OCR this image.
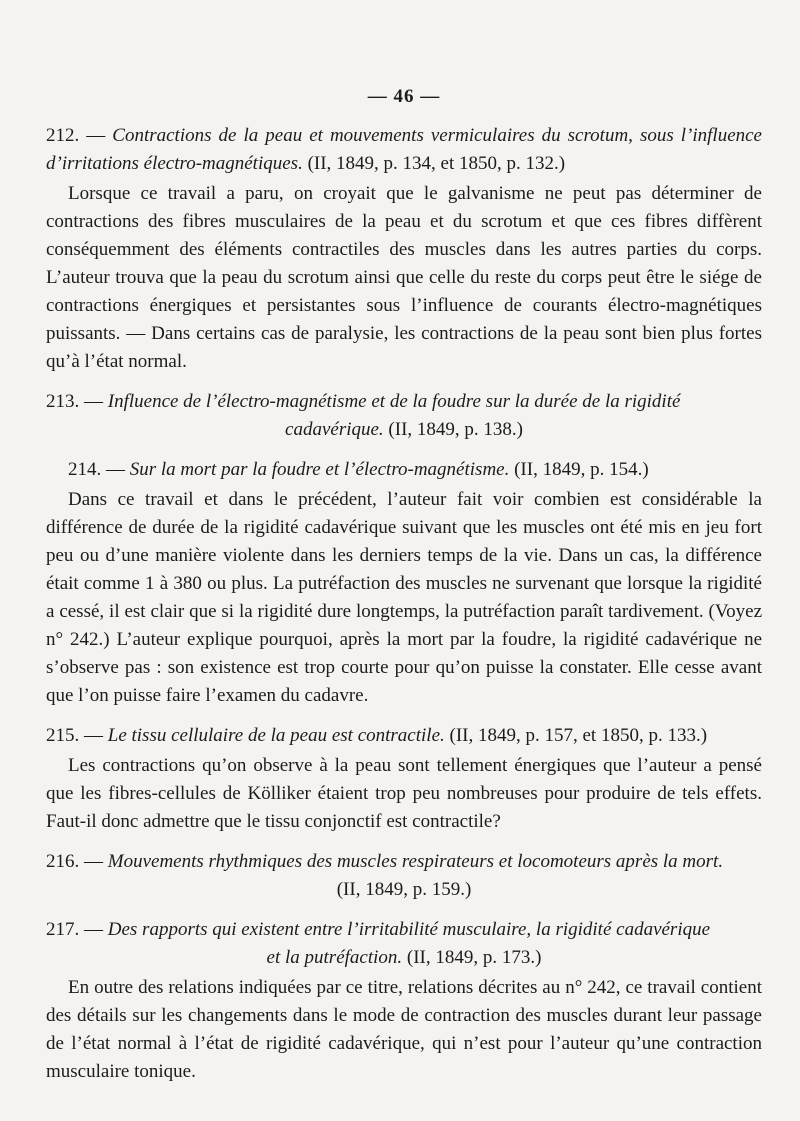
— 46 —

212. — Contractions de la peau et mouvements vermiculaires du scrotum, sous l’influence d’irritations électro-magnétiques. (II, 1849, p. 134, et 1850, p. 132.)

Lorsque ce travail a paru, on croyait que le galvanisme ne peut pas déterminer de contractions des fibres musculaires de la peau et du scrotum et que ces fibres diffèrent conséquemment des éléments contractiles des muscles dans les autres parties du corps. L’auteur trouva que la peau du scrotum ainsi que celle du reste du corps peut être le siége de contractions énergiques et persistantes sous l’influence de courants électro-magnétiques puissants. — Dans certains cas de paralysie, les contractions de la peau sont bien plus fortes qu’à l’état normal.

213. — Influence de l’électro-magnétisme et de la foudre sur la durée de la rigidité
cadavérique. (II, 1849, p. 138.)

214. — Sur la mort par la foudre et l’électro-magnétisme. (II, 1849, p. 154.)

Dans ce travail et dans le précédent, l’auteur fait voir combien est considérable la différence de durée de la rigidité cadavérique suivant que les muscles ont été mis en jeu fort peu ou d’une manière violente dans les derniers temps de la vie. Dans un cas, la différence était comme 1 à 380 ou plus. La putréfaction des muscles ne survenant que lorsque la rigidité a cessé, il est clair que si la rigidité dure longtemps, la putréfaction paraît tardivement. (Voyez n° 242.) L’auteur explique pourquoi, après la mort par la foudre, la rigidité cadavérique ne s’observe pas : son existence est trop courte pour qu’on puisse la constater. Elle cesse avant que l’on puisse faire l’examen du cadavre.

215. — Le tissu cellulaire de la peau est contractile. (II, 1849, p. 157, et 1850, p. 133.)

Les contractions qu’on observe à la peau sont tellement énergiques que l’auteur a pensé que les fibres-cellules de Kölliker étaient trop peu nombreuses pour produire de tels effets. Faut-il donc admettre que le tissu conjonctif est contractile?

216. — Mouvements rhythmiques des muscles respirateurs et locomoteurs après la mort.
(II, 1849, p. 159.)

217. — Des rapports qui existent entre l’irritabilité musculaire, la rigidité cadavérique
et la putréfaction. (II, 1849, p. 173.)

En outre des relations indiquées par ce titre, relations décrites au n° 242, ce travail contient des détails sur les changements dans le mode de contraction des muscles durant leur passage de l’état normal à l’état de rigidité cadavérique, qui n’est pour l’auteur qu’une contraction musculaire tonique.
